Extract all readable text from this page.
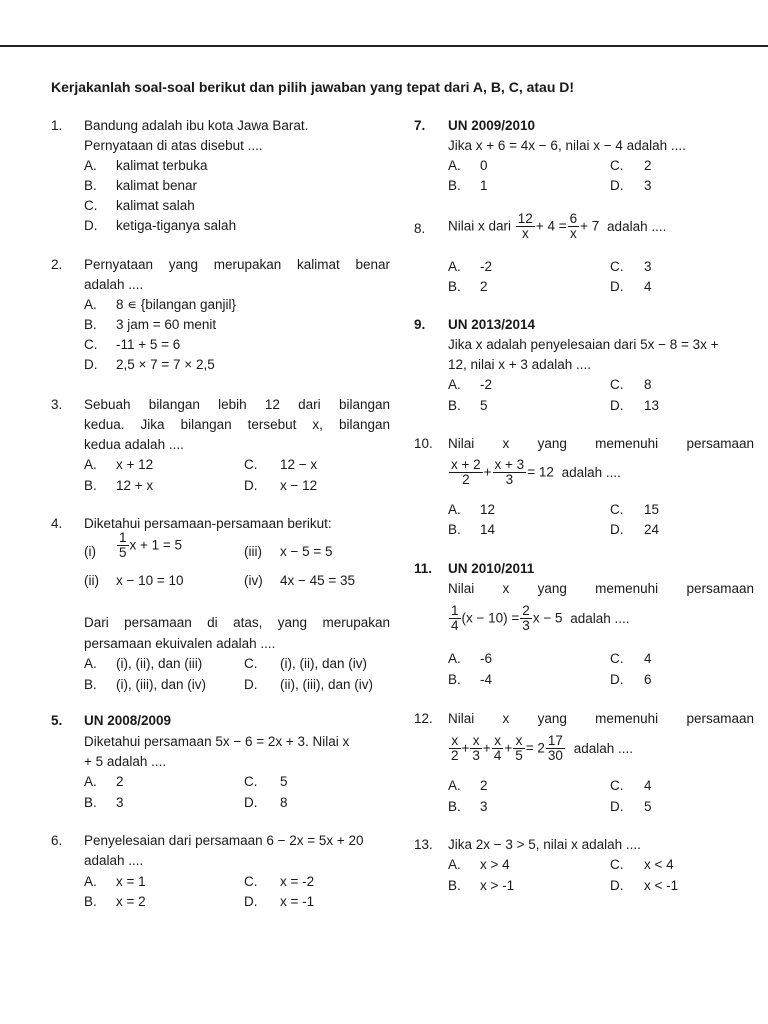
Kerjakanlah soal-soal berikut dan pilih jawaban yang tepat dari A, B, C, atau D!
1. Bandung adalah ibu kota Jawa Barat.
Pernyataan di atas disebut ....
A. kalimat terbuka
B. kalimat benar
C. kalimat salah
D. ketiga-tiganya salah
2. Pernyataan yang merupakan kalimat benar
adalah ....
A. 8 ∊ {bilangan ganjil}
B. 3 jam = 60 menit
C. -11 + 5 = 6
D. 2,5 × 7 = 7 × 2,5
3. Sebuah bilangan lebih 12 dari bilangan
kedua. Jika bilangan tersebut x, bilangan
kedua adalah ....
A. x + 12	C. 12 − x
B. 12 + x	D. x − 12
4. Diketahui persamaan-persamaan berikut:
$(i) \frac{1}{5}$ x + 1 = 5	(iii) x − 5 = 5
(ii) x − 10 = 10	(iv) 4x − 45 = 35
Dari persamaan di atas, yang merupakan
persamaan ekuivalen adalah ....
A. (i), (ii), dan (iii)	C. (i), (ii), dan (iv)
B. (i), (iii), dan (iv)	D. (ii), (iii), dan (iv)
5. UN 2008/2009
Diketahui persamaan 5x − 6 = 2x + 3. Nilai x
+ 5 adalah ....
A. 2	C. 5
B. 3	D. 8
6. Penyelesaian dari persamaan 6 − 2x = 5x + 20
adalah ....
A. x = 1	C. x = -2
B. x = 2	D. x = -1
7. UN 2009/2010
Jika x + 6 = 4x − 6, nilai x − 4 adalah ....
A. 0	C. 2
B. 1	D. 3
8. Nilai x dari $\frac{12}{x} + 4 = \frac{6}{x} + 7$ adalah ....
A. -2	C. 3
B. 2	D. 4
9. UN 2013/2014
Jika x adalah penyelesaian dari 5x − 8 = 3x +
12, nilai x + 3 adalah ....
A. -2	C. 8
B. 5	D. 13
10. Nilai x yang memenuhi persamaan
$\frac{x + 2}{2} + \frac{x + 3}{3} = 12$ adalah ....
A. 12	C. 15
B. 14	D. 24
11. UN 2010/2011
Nilai x yang memenuhi persamaan
$\frac{1}{4} (x - 10) = \frac{2}{3}$ x − 5 adalah ....
A. -6	C. 4
B. -4	D. 6
12. Nilai x yang memenuhi persamaan
$\frac{x}{2} + \frac{x}{3} + \frac{x}{4} + \frac{x}{5} = 2 \frac{17}{30}$ adalah ....
A. 2	C. 4
B. 3	D. 5
13. Jika 2x − 3 > 5, nilai x adalah ....
A. x > 4	C. x < 4
B. x > -1	D. x < -1
